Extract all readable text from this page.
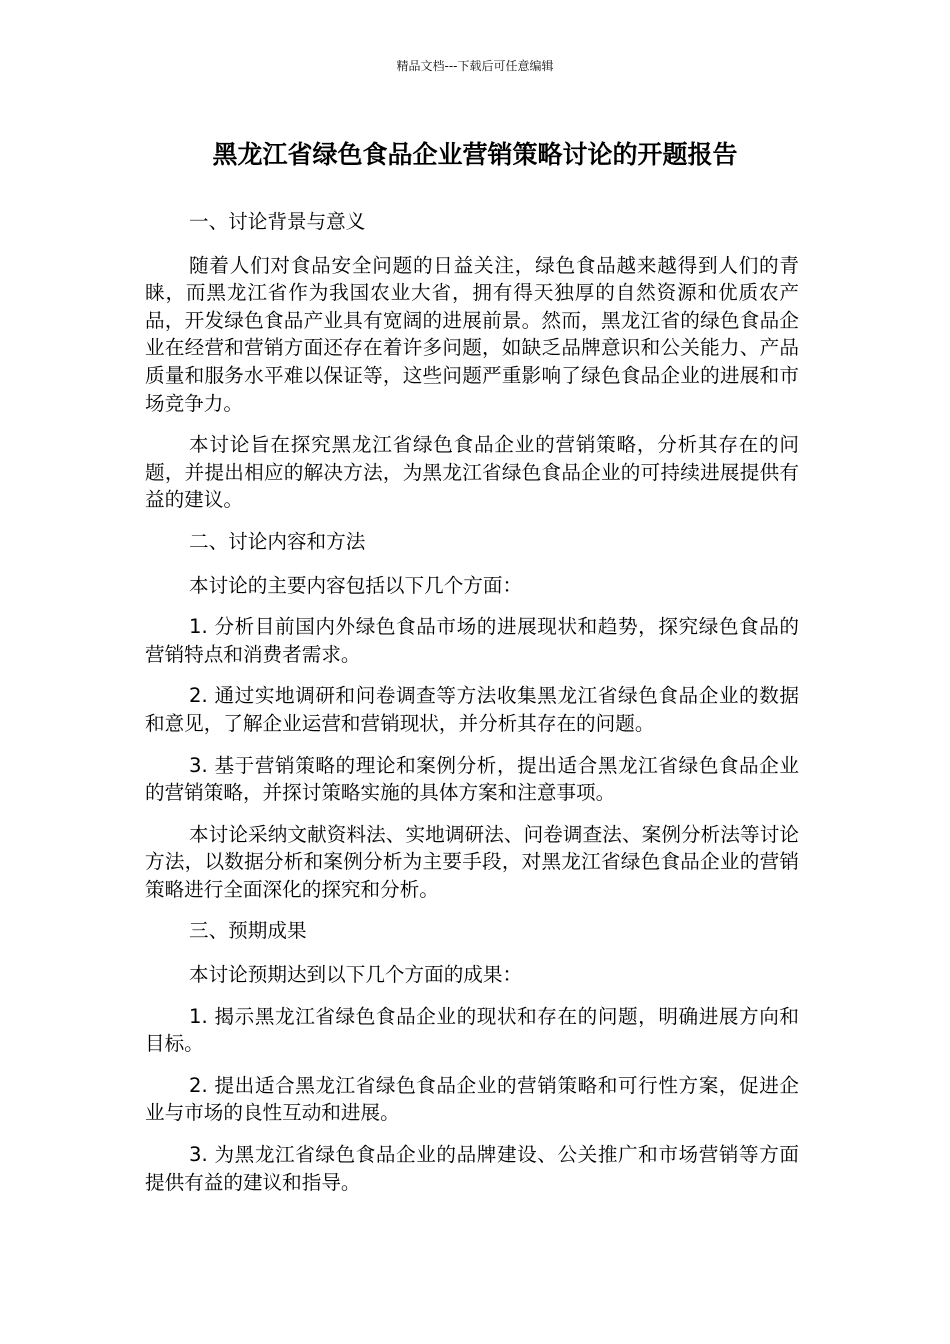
精品文档---下载后可任意编辑
黑龙江省绿色食品企业营销策略讨论的开题报告

一、讨论背景与意义

随着人们对食品安全问题的日益关注，绿色食品越来越得到人们的青睐，而黑龙江省作为我国农业大省，拥有得天独厚的自然资源和优质农产品，开发绿色食品产业具有宽阔的进展前景。然而，黑龙江省的绿色食品企业在经营和营销方面还存在着许多问题，如缺乏品牌意识和公关能力、产品质量和服务水平难以保证等，这些问题严重影响了绿色食品企业的进展和市场竞争力。

本讨论旨在探究黑龙江省绿色食品企业的营销策略，分析其存在的问题，并提出相应的解决方法，为黑龙江省绿色食品企业的可持续进展提供有益的建议。

二、讨论内容和方法

本讨论的主要内容包括以下几个方面：

1. 分析目前国内外绿色食品市场的进展现状和趋势，探究绿色食品的营销特点和消费者需求。

2. 通过实地调研和问卷调查等方法收集黑龙江省绿色食品企业的数据和意见，了解企业运营和营销现状，并分析其存在的问题。

3. 基于营销策略的理论和案例分析，提出适合黑龙江省绿色食品企业的营销策略，并探讨策略实施的具体方案和注意事项。

本讨论采纳文献资料法、实地调研法、问卷调查法、案例分析法等讨论方法，以数据分析和案例分析为主要手段，对黑龙江省绿色食品企业的营销策略进行全面深化的探究和分析。

三、预期成果

本讨论预期达到以下几个方面的成果：

1. 揭示黑龙江省绿色食品企业的现状和存在的问题，明确进展方向和目标。

2. 提出适合黑龙江省绿色食品企业的营销策略和可行性方案，促进企业与市场的良性互动和进展。

3. 为黑龙江省绿色食品企业的品牌建设、公关推广和市场营销等方面提供有益的建议和指导。
